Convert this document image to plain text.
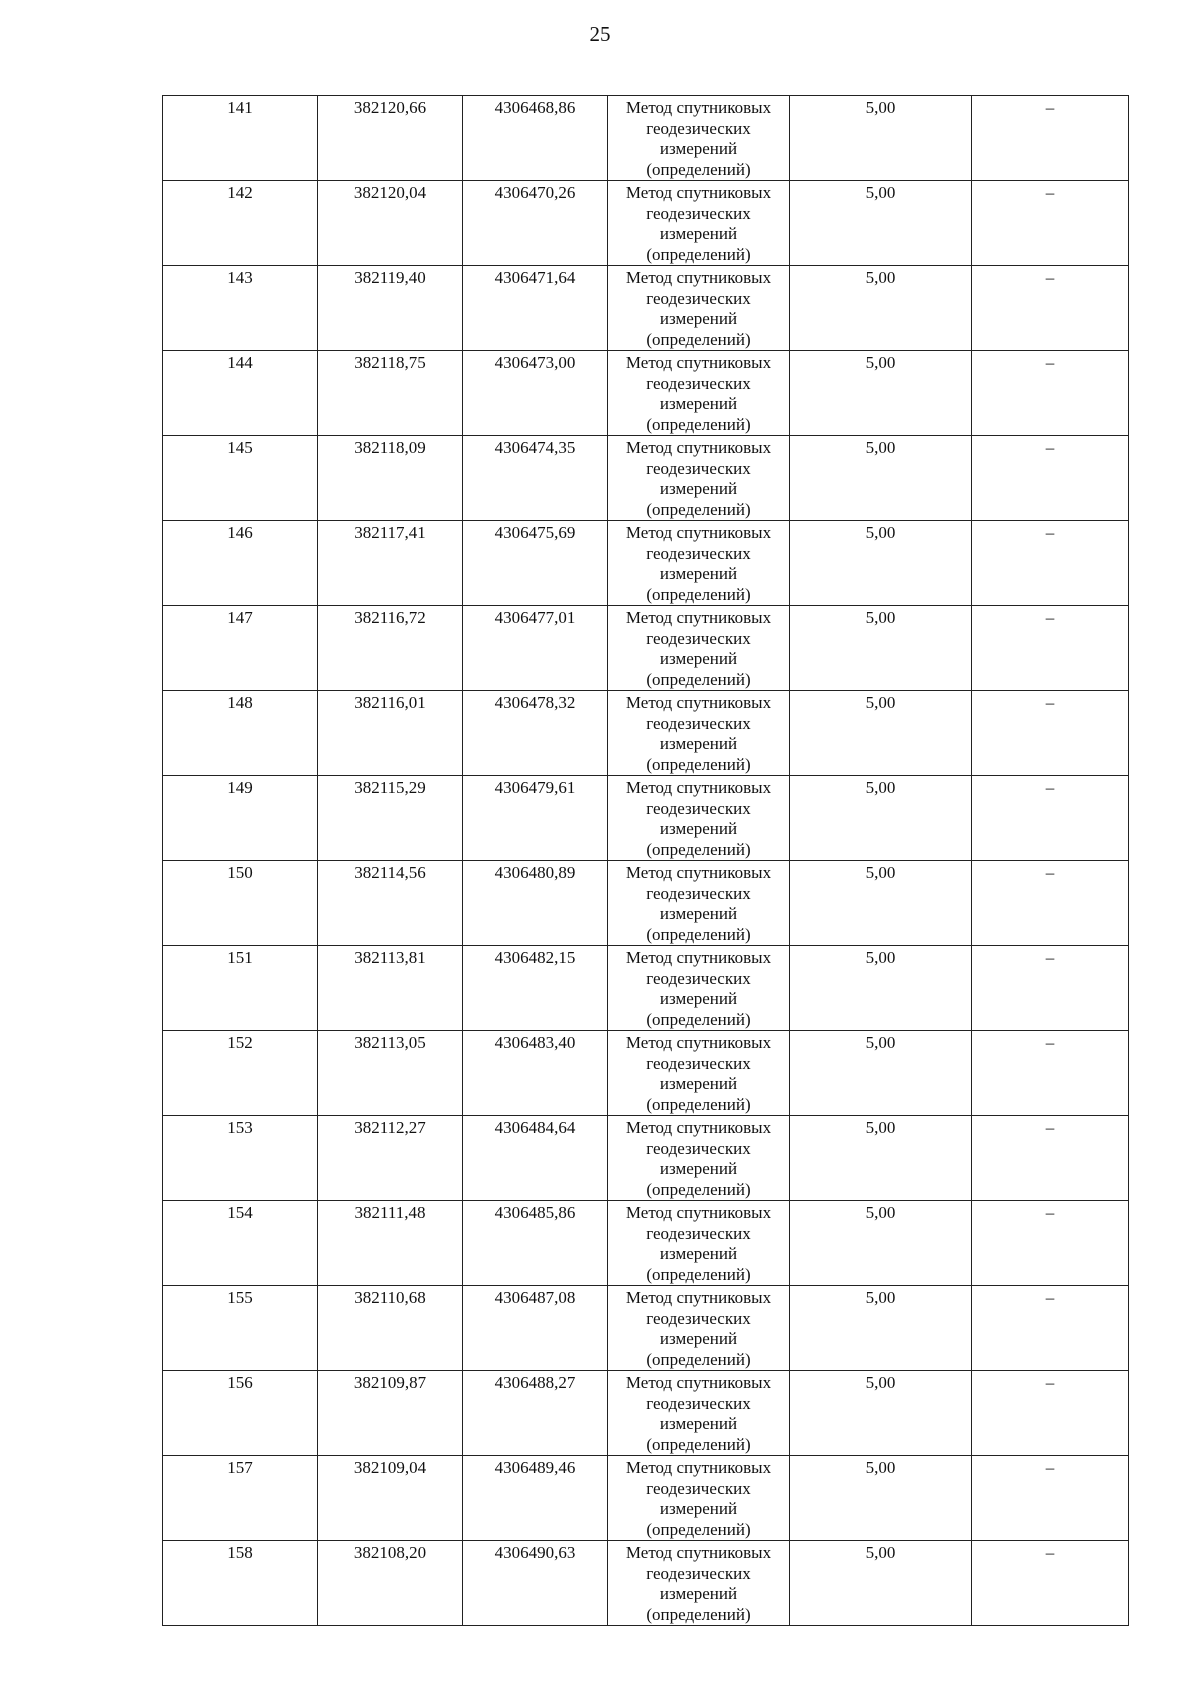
25
141	382120,66	4306468,86	Метод спутниковых
геодезических
измерений
(определений)	5,00	–
142	382120,04	4306470,26	Метод спутниковых
геодезических
измерений
(определений)	5,00	–
143	382119,40	4306471,64	Метод спутниковых
геодезических
измерений
(определений)	5,00	–
144	382118,75	4306473,00	Метод спутниковых
геодезических
измерений
(определений)	5,00	–
145	382118,09	4306474,35	Метод спутниковых
геодезических
измерений
(определений)	5,00	–
146	382117,41	4306475,69	Метод спутниковых
геодезических
измерений
(определений)	5,00	–
147	382116,72	4306477,01	Метод спутниковых
геодезических
измерений
(определений)	5,00	–
148	382116,01	4306478,32	Метод спутниковых
геодезических
измерений
(определений)	5,00	–
149	382115,29	4306479,61	Метод спутниковых
геодезических
измерений
(определений)	5,00	–
150	382114,56	4306480,89	Метод спутниковых
геодезических
измерений
(определений)	5,00	–
151	382113,81	4306482,15	Метод спутниковых
геодезических
измерений
(определений)	5,00	–
152	382113,05	4306483,40	Метод спутниковых
геодезических
измерений
(определений)	5,00	–
153	382112,27	4306484,64	Метод спутниковых
геодезических
измерений
(определений)	5,00	–
154	382111,48	4306485,86	Метод спутниковых
геодезических
измерений
(определений)	5,00	–
155	382110,68	4306487,08	Метод спутниковых
геодезических
измерений
(определений)	5,00	–
156	382109,87	4306488,27	Метод спутниковых
геодезических
измерений
(определений)	5,00	–
157	382109,04	4306489,46	Метод спутниковых
геодезических
измерений
(определений)	5,00	–
158	382108,20	4306490,63	Метод спутниковых
геодезических
измерений
(определений)	5,00	–
